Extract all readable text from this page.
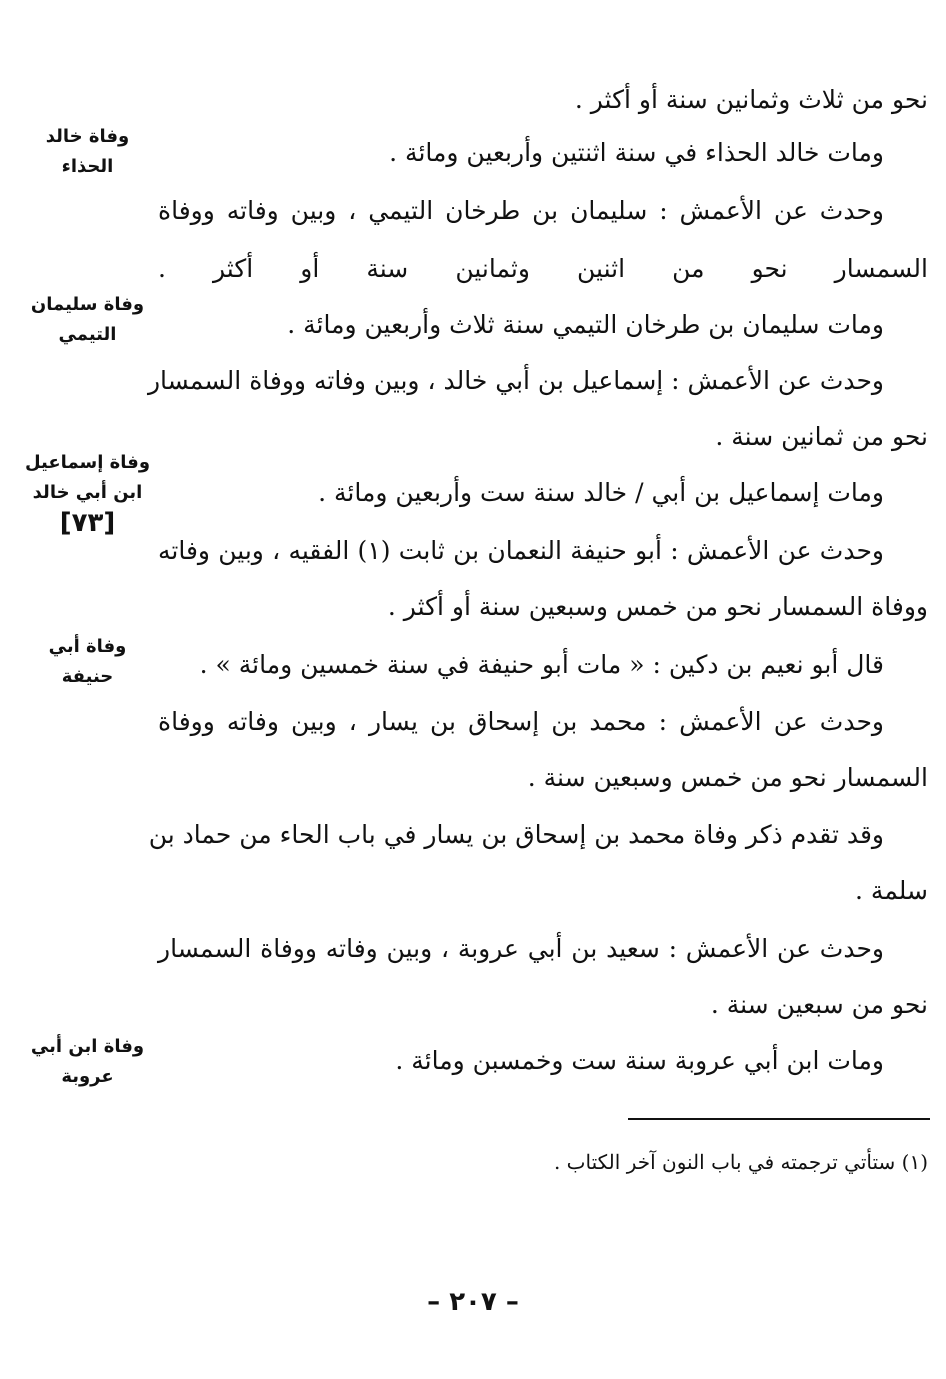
نحو من ثلاث وثمانين سنة أو أكثر .
ومات خالد الحذاء في سنة اثنتين وأربعين ومائة .
وحدث عن الأعمش : سليمان بن طرخان التيمي ، وبين وفاته ووفاة
السمسار نحو من اثنين وثمانين سنة أو أكثر .
ومات سليمان بن طرخان التيمي سنة ثلاث وأربعين ومائة .
وحدث عن الأعمش : إسماعيل بن أبي خالد ، وبين وفاته ووفاة السمسار
نحو من ثمانين سنة .
ومات إسماعيل بن أبي / خالد سنة ست وأربعين ومائة .
وحدث عن الأعمش : أبو حنيفة النعمان بن ثابت (١) الفقيه ، وبين وفاته
ووفاة السمسار نحو من خمس وسبعين سنة أو أكثر .
قال أبو نعيم بن دكين : « مات أبو حنيفة في سنة خمسين ومائة » .
وحدث عن الأعمش : محمد بن إسحاق بن يسار ، وبين وفاته ووفاة
السمسار نحو من خمس وسبعين سنة .
وقد تقدم ذكر وفاة محمد بن إسحاق بن يسار في باب الحاء من حماد بن
سلمة .
وحدث عن الأعمش : سعيد بن أبي عروبة ، وبين وفاته ووفاة السمسار
نحو من سبعين سنة .
ومات ابن أبي عروبة سنة ست وخمسبن ومائة .
وفاة خالد
الحذاء
وفاة سليمان
التيمي
وفاة إسماعيل
ابن أبي خالد
[٧٣]
وفاة أبي
حنيفة
وفاة ابن أبي
عروبة
(١) ستأتي ترجمته في باب النون آخر الكتاب .
– ٢٠٧ –
